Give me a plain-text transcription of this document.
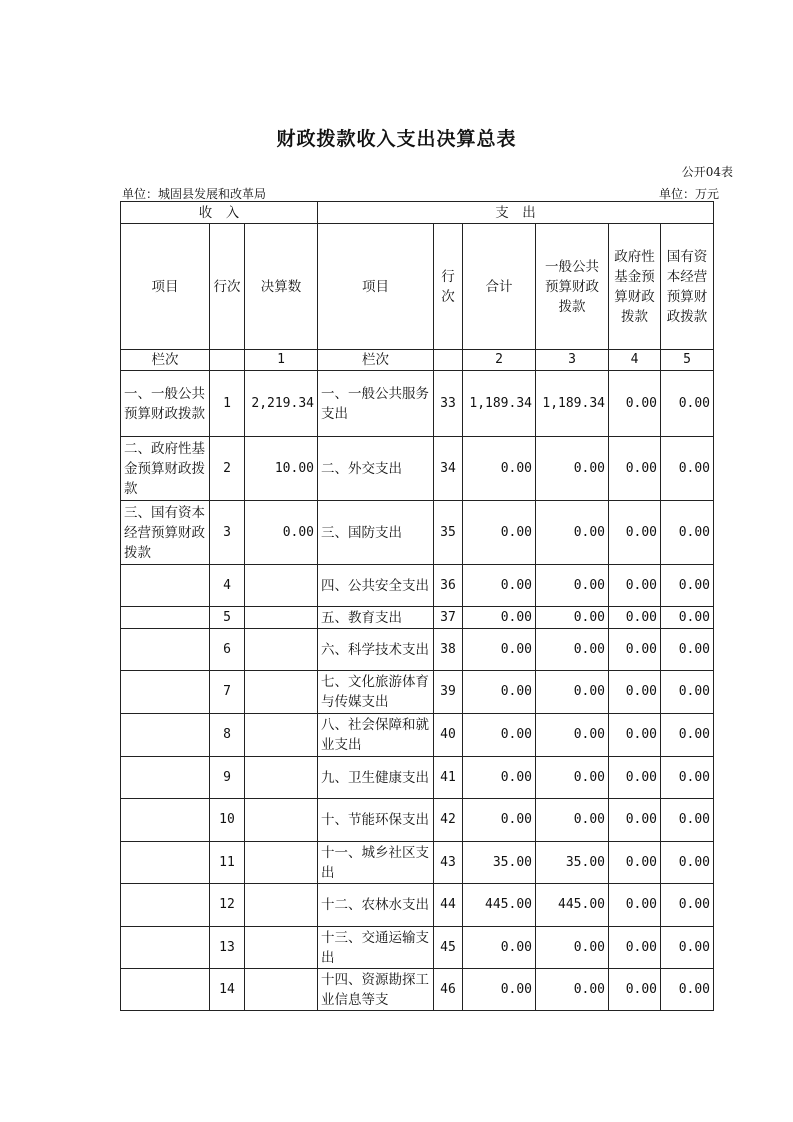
财政拨款收入支出决算总表
公开04表
单位：城固县发展和改革局	单位：万元
收　入			支　出					
项目	行次	决算数	项目	行次	合计	一般公共预算财政拨款	政府性基金预算财政拨款	国有资本经营预算财政拨款
栏次		1	栏次		2	3	4	5
一、一般公共预算财政拨款	1	2,219.34	一、一般公共服务支出	33	1,189.34	1,189.34	0.00	0.00
二、政府性基金预算财政拨款	2	10.00	二、外交支出	34	0.00	0.00	0.00	0.00
三、国有资本经营预算财政拨款	3	0.00	三、国防支出	35	0.00	0.00	0.00	0.00
	4		四、公共安全支出	36	0.00	0.00	0.00	0.00
	5		五、教育支出	37	0.00	0.00	0.00	0.00
	6		六、科学技术支出	38	0.00	0.00	0.00	0.00
	7		七、文化旅游体育与传媒支出	39	0.00	0.00	0.00	0.00
	8		八、社会保障和就业支出	40	0.00	0.00	0.00	0.00
	9		九、卫生健康支出	41	0.00	0.00	0.00	0.00
	10		十、节能环保支出	42	0.00	0.00	0.00	0.00
	11		十一、城乡社区支出	43	35.00	35.00	0.00	0.00
	12		十二、农林水支出	44	445.00	445.00	0.00	0.00
	13		十三、交通运输支出	45	0.00	0.00	0.00	0.00
	14		十四、资源勘探工业信息等支	46	0.00	0.00	0.00	0.00
